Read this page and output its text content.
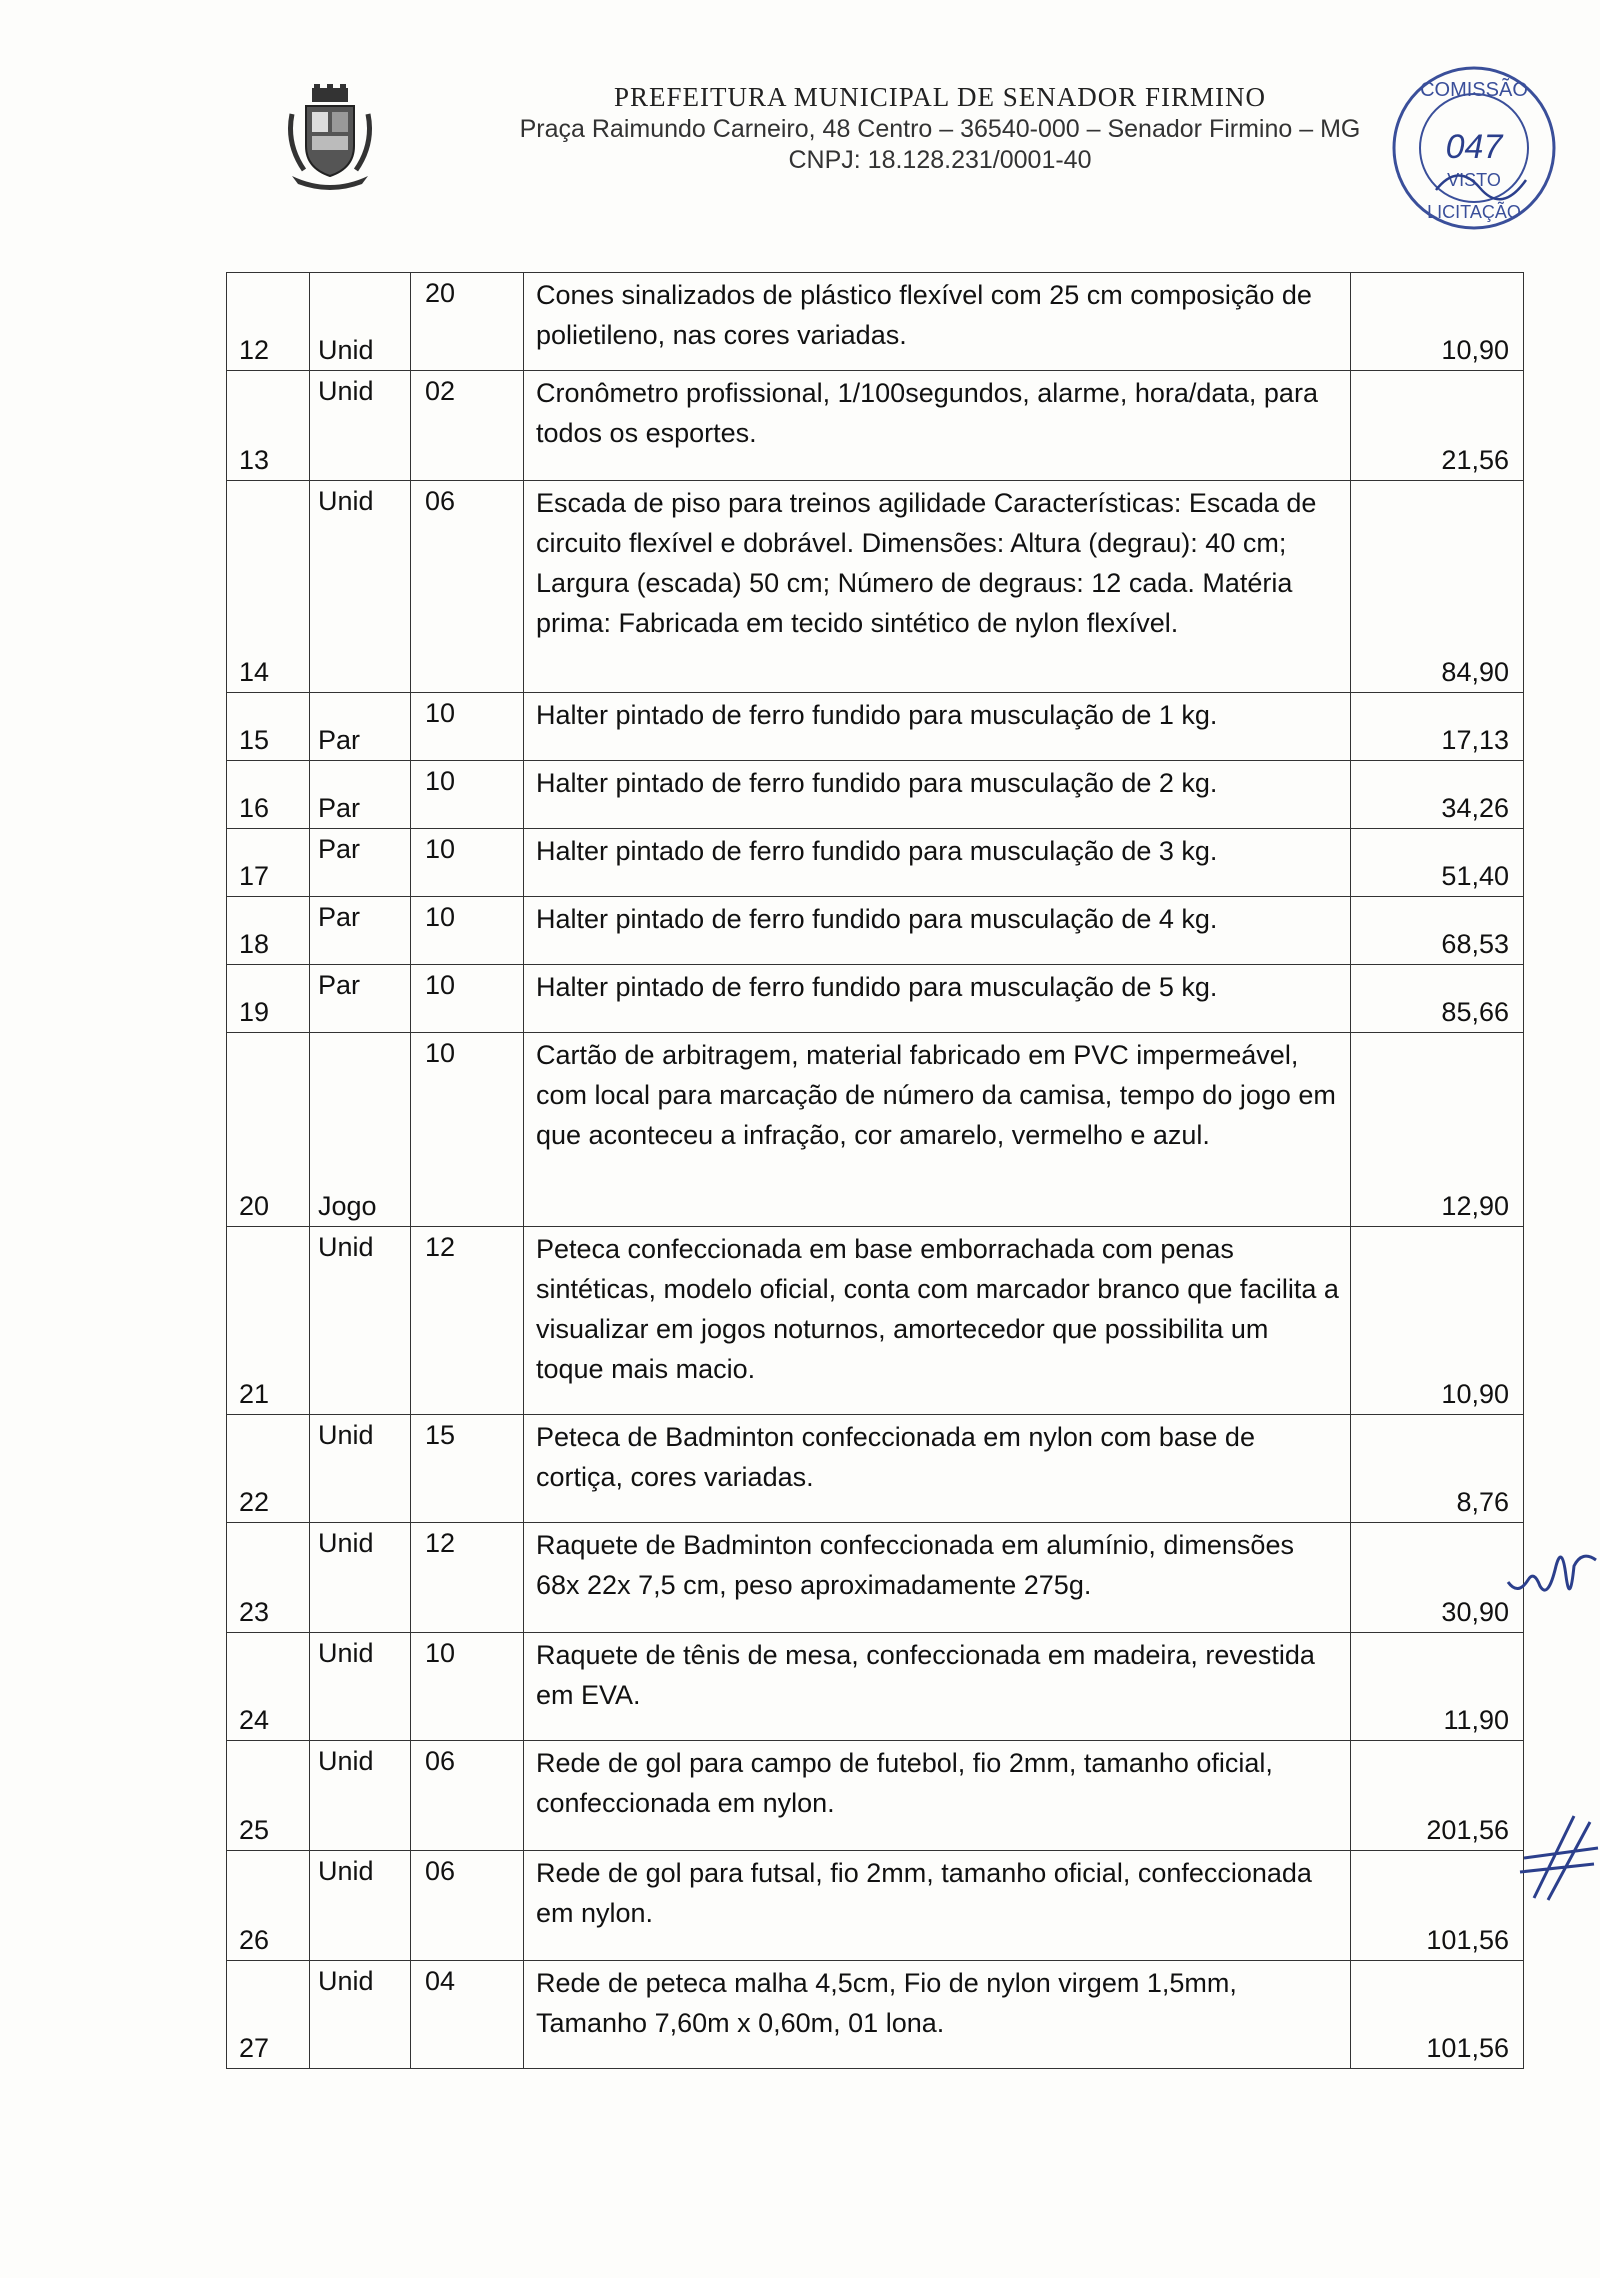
PREFEITURA MUNICIPAL DE SENADOR FIRMINO
Praça Raimundo Carneiro, 48 Centro – 36540-000 – Senador Firmino – MG
CNPJ: 18.128.231/0001-40
COMISSÃO
047
VISTO
LICITAÇÃO
12	Unid	20	Cones sinalizados de plástico flexível com 25 cm composição de polietileno, nas cores variadas.	10,90

13	Unid	02	Cronômetro profissional, 1/100segundos, alarme, hora/data, para todos os esportes.	21,56

14	Unid	06	Escada de piso para treinos agilidade Características: Escada de circuito flexível e dobrável. Dimensões: Altura (degrau): 40 cm; Largura (escada) 50 cm; Número de degraus: 12 cada. Matéria prima: Fabricada em tecido sintético de nylon flexível.	84,90

15	Par	10	Halter pintado de ferro fundido para musculação de 1 kg.	17,13

16	Par	10	Halter pintado de ferro fundido para musculação de 2 kg.	34,26

17	Par	10	Halter pintado de ferro fundido para musculação de 3 kg.	51,40

18	Par	10	Halter pintado de ferro fundido para musculação de 4 kg.	68,53

19	Par	10	Halter pintado de ferro fundido para musculação de 5 kg.	85,66

20	Jogo	10	Cartão de arbitragem, material fabricado em PVC impermeável, com local para marcação de número da camisa, tempo do jogo em que aconteceu a infração, cor amarelo, vermelho e azul.	12,90

21	Unid	12	Peteca confeccionada em base emborrachada com penas sintéticas, modelo oficial, conta com marcador branco que facilita a visualizar em jogos noturnos, amortecedor que possibilita um toque mais macio.	10,90

22	Unid	15	Peteca de Badminton confeccionada em nylon com base de cortiça, cores variadas.	8,76

23	Unid	12	Raquete de Badminton confeccionada em alumínio, dimensões 68x 22x 7,5 cm, peso aproximadamente 275g.	30,90

24	Unid	10	Raquete de tênis de mesa, confeccionada em madeira, revestida em EVA.	11,90

25	Unid	06	Rede de gol para campo de futebol, fio 2mm, tamanho oficial, confeccionada em nylon.	201,56

26	Unid	06	Rede de gol para futsal, fio 2mm, tamanho oficial, confeccionada em nylon.	101,56

27	Unid	04	Rede de peteca malha 4,5cm, Fio de nylon virgem 1,5mm, Tamanho 7,60m x 0,60m, 01 lona.	101,56
